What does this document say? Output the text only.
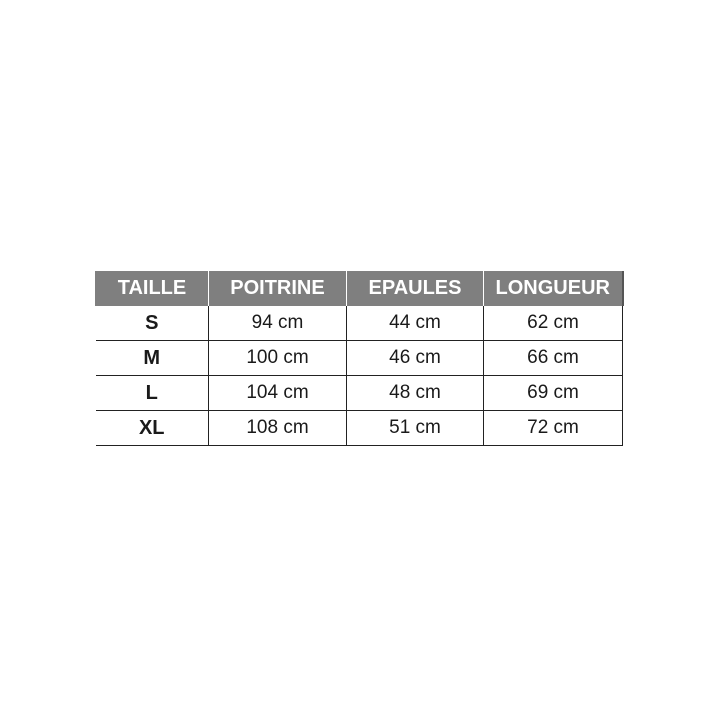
TAILLE	POITRINE	EPAULES	LONGUEUR
S	94 cm	44 cm	62 cm
M	100 cm	46 cm	66 cm
L	104 cm	48 cm	69 cm
XL	108 cm	51 cm	72 cm
